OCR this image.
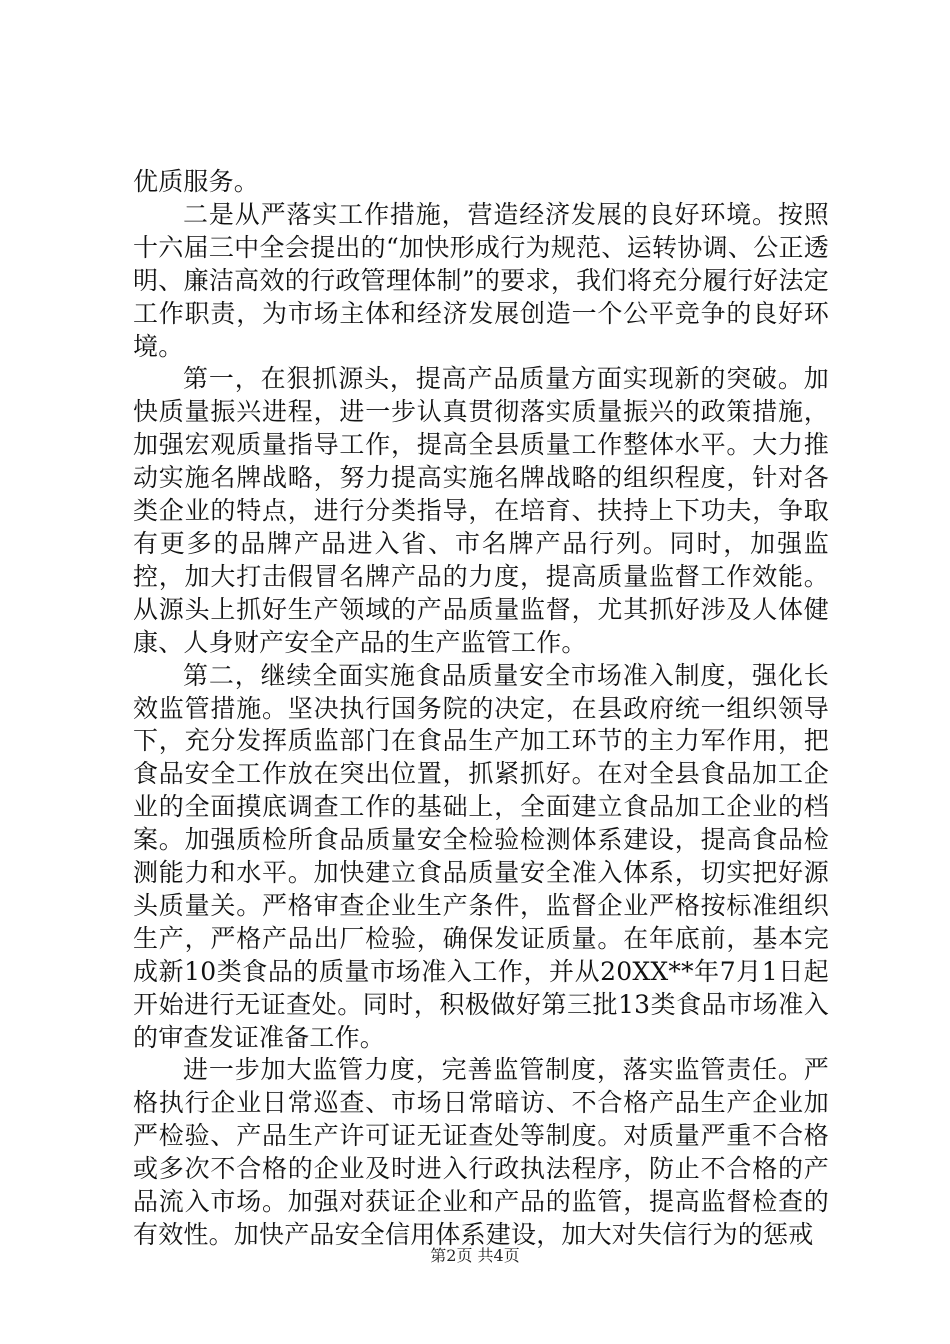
优质服务。

二是从严落实工作措施，营造经济发展的良好环境。按照十六届三中全会提出的“加快形成行为规范、运转协调、公正透明、廉洁高效的行政管理体制”的要求，我们将充分履行好法定工作职责，为市场主体和经济发展创造一个公平竞争的良好环境。

第一，在狠抓源头，提高产品质量方面实现新的突破。加快质量振兴进程，进一步认真贯彻落实质量振兴的政策措施，加强宏观质量指导工作，提高全县质量工作整体水平。大力推动实施名牌战略，努力提高实施名牌战略的组织程度，针对各类企业的特点，进行分类指导，在培育、扶持上下功夫，争取有更多的品牌产品进入省、市名牌产品行列。同时，加强监控，加大打击假冒名牌产品的力度，提高质量监督工作效能。从源头上抓好生产领域的产品质量监督，尤其抓好涉及人体健康、人身财产安全产品的生产监管工作。

第二，继续全面实施食品质量安全市场准入制度，强化长效监管措施。坚决执行国务院的决定，在县政府统一组织领导下，充分发挥质监部门在食品生产加工环节的主力军作用，把食品安全工作放在突出位置，抓紧抓好。在对全县食品加工企业的全面摸底调查工作的基础上，全面建立食品加工企业的档案。加强质检所食品质量安全检验检测体系建设，提高食品检测能力和水平。加快建立食品质量安全准入体系，切实把好源头质量关。严格审查企业生产条件，监督企业严格按标准组织生产，严格产品出厂检验，确保发证质量。在年底前，基本完成新10类食品的质量市场准入工作，并从20XX**年7月1日起开始进行无证查处。同时，积极做好第三批13类食品市场准入的审查发证准备工作。

进一步加大监管力度，完善监管制度，落实监管责任。严格执行企业日常巡查、市场日常暗访、不合格产品生产企业加严检验、产品生产许可证无证查处等制度。对质量严重不合格或多次不合格的企业及时进入行政执法程序，防止不合格的产品流入市场。加强对获证企业和产品的监管，提高监督检查的有效性。加快产品安全信用体系建设，加大对失信行为的惩戒

第2页 共4页
